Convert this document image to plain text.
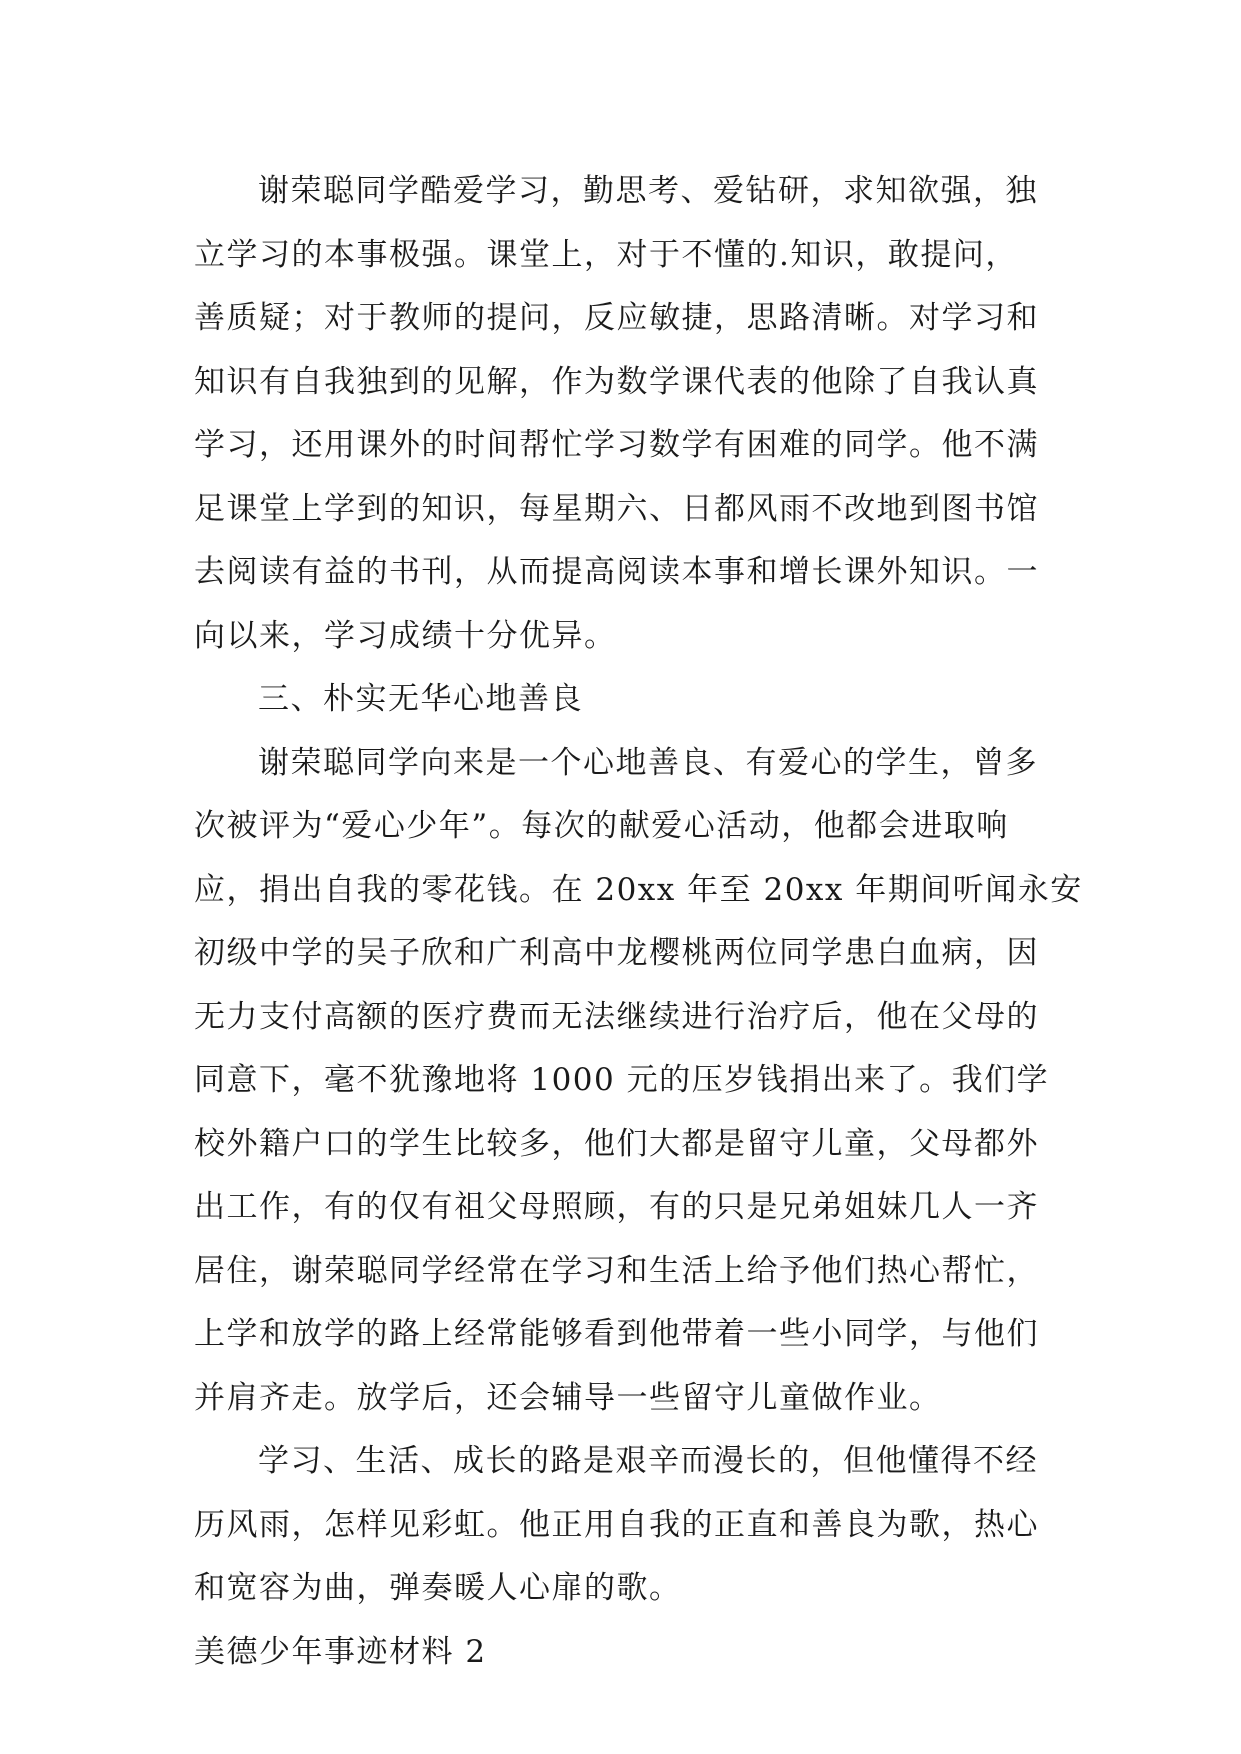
谢荣聪同学酷爱学习，勤思考、爱钻研，求知欲强，独
立学习的本事极强。课堂上，对于不懂的.知识，敢提问，
善质疑；对于教师的提问，反应敏捷，思路清晰。对学习和
知识有自我独到的见解，作为数学课代表的他除了自我认真
学习，还用课外的时间帮忙学习数学有困难的同学。他不满
足课堂上学到的知识，每星期六、日都风雨不改地到图书馆
去阅读有益的书刊，从而提高阅读本事和增长课外知识。一
向以来，学习成绩十分优异。
三、朴实无华心地善良
谢荣聪同学向来是一个心地善良、有爱心的学生，曾多
次被评为“爱心少年”。每次的献爱心活动，他都会进取响
应，捐出自我的零花钱。在 20xx 年至 20xx 年期间听闻永安
初级中学的吴子欣和广利高中龙樱桃两位同学患白血病，因
无力支付高额的医疗费而无法继续进行治疗后，他在父母的
同意下，毫不犹豫地将 1000 元的压岁钱捐出来了。我们学
校外籍户口的学生比较多，他们大都是留守儿童，父母都外
出工作，有的仅有祖父母照顾，有的只是兄弟姐妹几人一齐
居住，谢荣聪同学经常在学习和生活上给予他们热心帮忙，
上学和放学的路上经常能够看到他带着一些小同学，与他们
并肩齐走。放学后，还会辅导一些留守儿童做作业。
学习、生活、成长的路是艰辛而漫长的，但他懂得不经
历风雨，怎样见彩虹。他正用自我的正直和善良为歌，热心
和宽容为曲，弹奏暖人心扉的歌。
美德少年事迹材料 2
